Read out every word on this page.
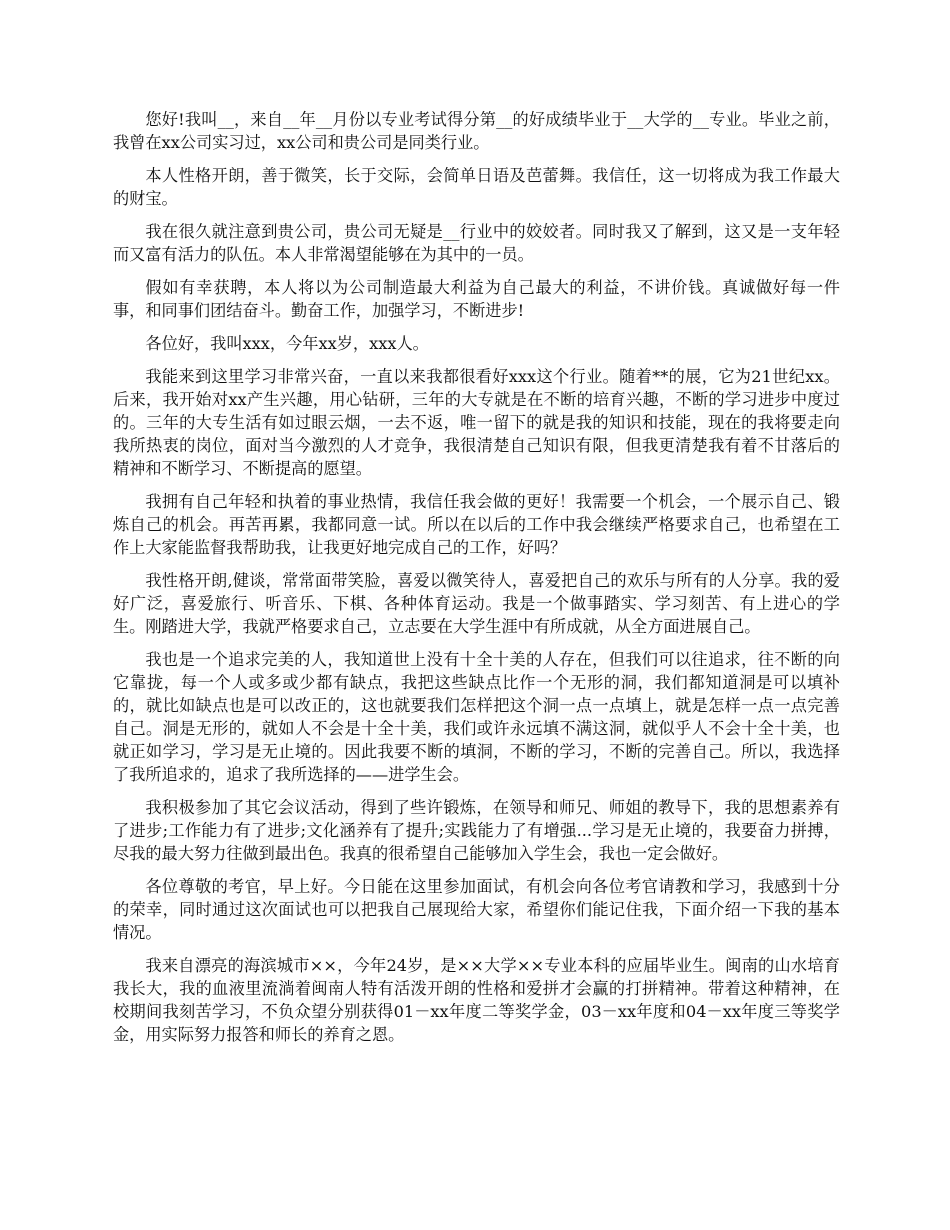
您好!我叫__，来自__年__月份以专业考试得分第__的好成绩毕业于__大学的__专业。毕业之前，我曾在xx公司实习过，xx公司和贵公司是同类行业。

本人性格开朗，善于微笑，长于交际，会简单日语及芭蕾舞。我信任，这一切将成为我工作最大的财宝。

我在很久就注意到贵公司，贵公司无疑是__行业中的姣姣者。同时我又了解到，这又是一支年轻而又富有活力的队伍。本人非常渴望能够在为其中的一员。

假如有幸获聘，本人将以为公司制造最大利益为自己最大的利益，不讲价钱。真诚做好每一件事，和同事们团结奋斗。勤奋工作，加强学习，不断进步!

各位好，我叫xxx，今年xx岁，xxx人。

我能来到这里学习非常兴奋，一直以来我都很看好xxx这个行业。随着**的展，它为21世纪xx。后来，我开始对xx产生兴趣，用心钻研，三年的大专就是在不断的培育兴趣，不断的学习进步中度过的。三年的大专生活有如过眼云烟，一去不返，唯一留下的就是我的知识和技能，现在的我将要走向我所热衷的岗位，面对当今激烈的人才竞争，我很清楚自己知识有限，但我更清楚我有着不甘落后的精神和不断学习、不断提高的愿望。

我拥有自己年轻和执着的事业热情，我信任我会做的更好！我需要一个机会，一个展示自己、锻炼自己的机会。再苦再累，我都同意一试。所以在以后的工作中我会继续严格要求自己，也希望在工作上大家能监督我帮助我，让我更好地完成自己的工作，好吗？

我性格开朗,健谈，常常面带笑脸，喜爱以微笑待人，喜爱把自己的欢乐与所有的人分享。我的爱好广泛，喜爱旅行、听音乐、下棋、各种体育运动。我是一个做事踏实、学习刻苦、有上进心的学生。刚踏进大学，我就严格要求自己，立志要在大学生涯中有所成就，从全方面进展自己。

我也是一个追求完美的人，我知道世上没有十全十美的人存在，但我们可以往追求，往不断的向它靠拢，每一个人或多或少都有缺点，我把这些缺点比作一个无形的洞，我们都知道洞是可以填补的，就比如缺点也是可以改正的，这也就要我们怎样把这个洞一点一点填上，就是怎样一点一点完善自己。洞是无形的，就如人不会是十全十美，我们或许永远填不满这洞，就似乎人不会十全十美，也就正如学习，学习是无止境的。因此我要不断的填洞，不断的学习，不断的完善自己。所以，我选择了我所追求的，追求了我所选择的——进学生会。

我积极参加了其它会议活动，得到了些许锻炼，在领导和师兄、师姐的教导下，我的思想素养有了进步;工作能力有了进步;文化涵养有了提升;实践能力了有增强...学习是无止境的，我要奋力拼搏，尽我的最大努力往做到最出色。我真的很希望自己能够加入学生会，我也一定会做好。

各位尊敬的考官，早上好。今日能在这里参加面试，有机会向各位考官请教和学习，我感到十分的荣幸，同时通过这次面试也可以把我自己展现给大家，希望你们能记住我，下面介绍一下我的基本情况。

我来自漂亮的海滨城市××，今年24岁，是××大学××专业本科的应届毕业生。闽南的山水培育我长大，我的血液里流淌着闽南人特有活泼开朗的性格和爱拼才会赢的打拼精神。带着这种精神，在校期间我刻苦学习，不负众望分别获得01－xx年度二等奖学金，03－xx年度和04－xx年度三等奖学金，用实际努力报答和师长的养育之恩。
